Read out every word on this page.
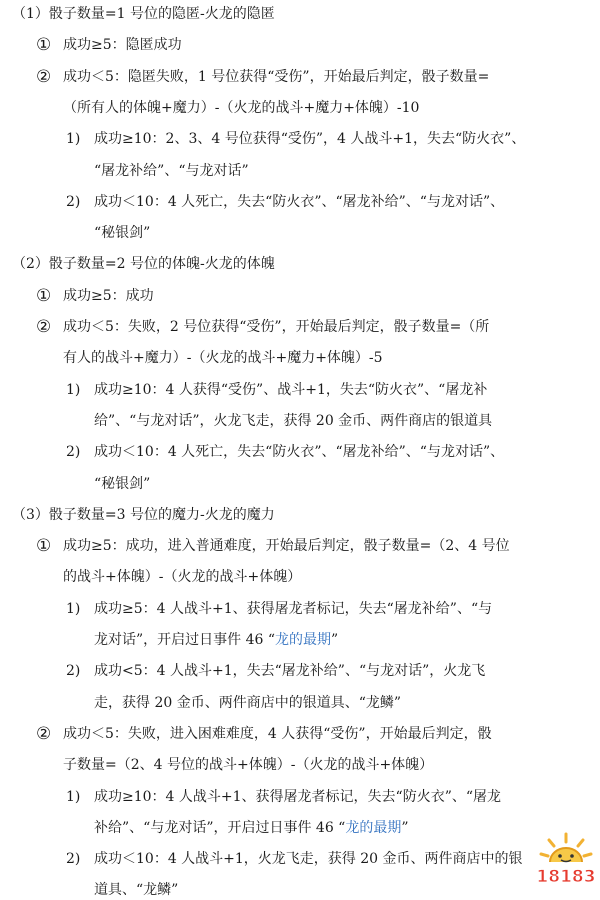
（1）骰子数量=1 号位的隐匿-火龙的隐匿
① 成功≥5：隐匿成功
② 成功＜5：隐匿失败，1 号位获得“受伤”，开始最后判定，骰子数量=
（所有人的体魄+魔力）-（火龙的战斗+魔力+体魄）-10
1) 成功≥10：2、3、4 号位获得“受伤”，4 人战斗+1，失去“防火衣”、
“屠龙补给”、“与龙对话”
2) 成功＜10：4 人死亡，失去“防火衣”、“屠龙补给”、“与龙对话”、
“秘银剑”
（2）骰子数量=2 号位的体魄-火龙的体魄
① 成功≥5：成功
② 成功＜5：失败，2 号位获得“受伤”，开始最后判定，骰子数量=（所
有人的战斗+魔力）-（火龙的战斗+魔力+体魄）-5
1) 成功≥10：4 人获得“受伤”、战斗+1，失去“防火衣”、“屠龙补
给”、“与龙对话”，火龙飞走，获得 20 金币、两件商店的银道具
2) 成功＜10：4 人死亡，失去“防火衣”、“屠龙补给”、“与龙对话”、
“秘银剑”
（3）骰子数量=3 号位的魔力-火龙的魔力
① 成功≥5：成功，进入普通难度，开始最后判定，骰子数量=（2、4 号位
的战斗+体魄）-（火龙的战斗+体魄）
1) 成功≥5：4 人战斗+1、获得屠龙者标记，失去“屠龙补给”、“与
龙对话”，开启过日事件 46 “龙的最期”
2) 成功<5：4 人战斗+1，失去“屠龙补给”、“与龙对话”，火龙飞
走，获得 20 金币、两件商店中的银道具、“龙鳞”
② 成功＜5：失败，进入困难难度，4 人获得“受伤”，开始最后判定，骰
子数量=（2、4 号位的战斗+体魄）-（火龙的战斗+体魄）
1) 成功≥10：4 人战斗+1、获得屠龙者标记，失去“防火衣”、“屠龙
补给”、“与龙对话”，开启过日事件 46 “龙的最期”
2) 成功＜10：4 人战斗+1，火龙飞走，获得 20 金币、两件商店中的银
道具、“龙鳞”
18183
